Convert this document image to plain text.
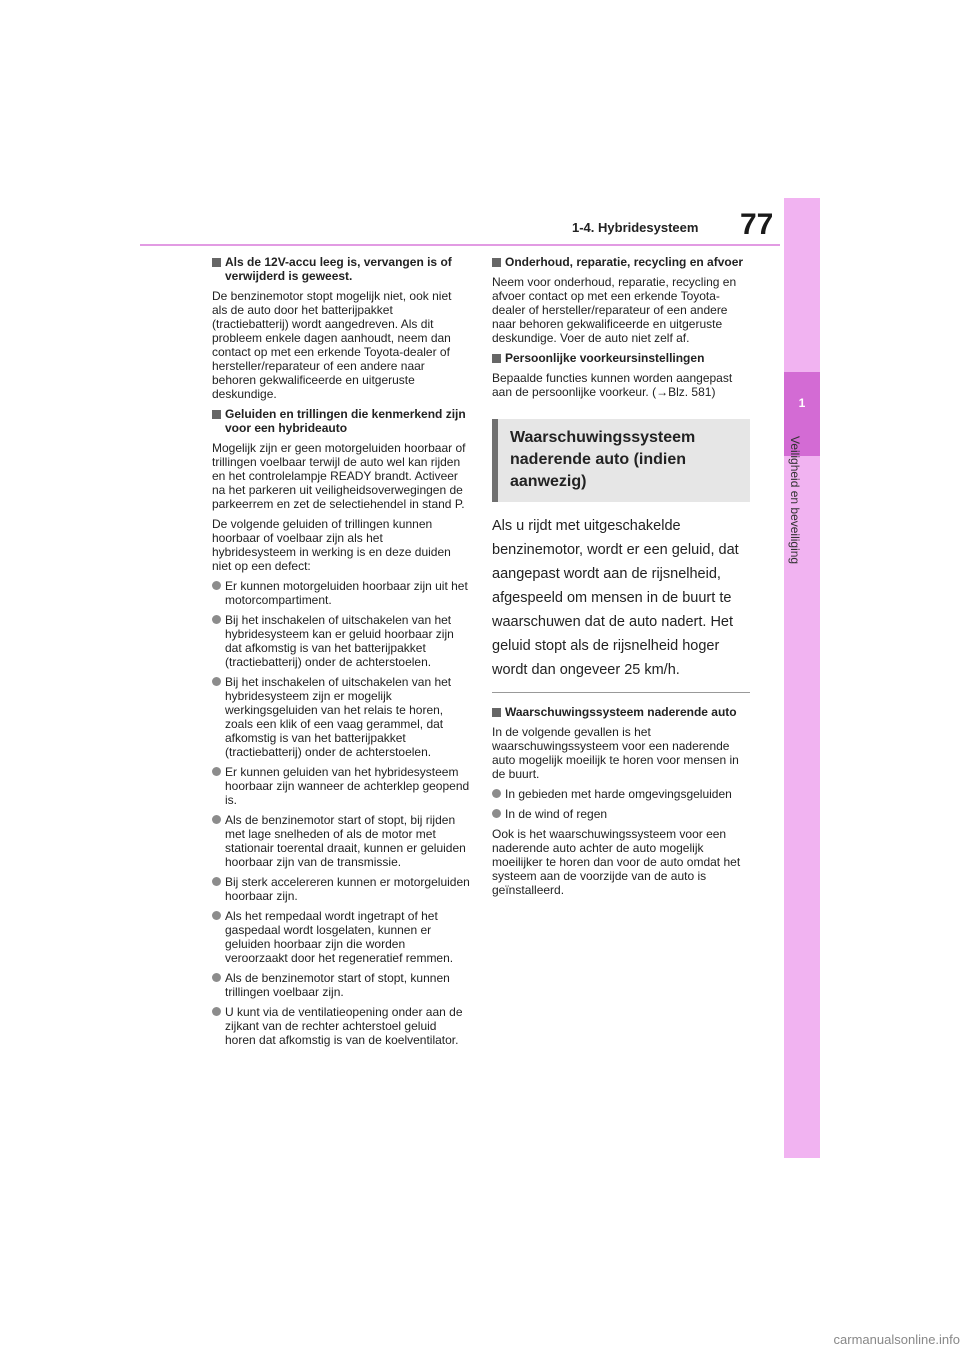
1-4. Hybridesysteem 77
1
Veiligheid en beveiliging
Als de 12V-accu leeg is, vervangen is of verwijderd is geweest.
De benzinemotor stopt mogelijk niet, ook niet als de auto door het batterijpakket (tractiebatterij) wordt aangedreven. Als dit probleem enkele dagen aanhoudt, neem dan contact op met een erkende Toyota-dealer of hersteller/reparateur of een andere naar behoren gekwalificeerde en uitgeruste deskundige.
Geluiden en trillingen die kenmerkend zijn voor een hybrideauto
Mogelijk zijn er geen motorgeluiden hoorbaar of trillingen voelbaar terwijl de auto wel kan rijden en het controlelampje READY brandt. Activeer na het parkeren uit veiligheidsoverwegingen de parkeerrem en zet de selectiehendel in stand P.
De volgende geluiden of trillingen kunnen hoorbaar of voelbaar zijn als het hybridesysteem in werking is en deze duiden niet op een defect:
Er kunnen motorgeluiden hoorbaar zijn uit het motorcompartiment.
Bij het inschakelen of uitschakelen van het hybridesysteem kan er geluid hoorbaar zijn dat afkomstig is van het batterijpakket (tractiebatterij) onder de achterstoelen.
Bij het inschakelen of uitschakelen van het hybridesysteem zijn er mogelijk werkingsgeluiden van het relais te horen, zoals een klik of een vaag gerammel, dat afkomstig is van het batterijpakket (tractiebatterij) onder de achterstoelen.
Er kunnen geluiden van het hybridesysteem hoorbaar zijn wanneer de achterklep geopend is.
Als de benzinemotor start of stopt, bij rijden met lage snelheden of als de motor met stationair toerental draait, kunnen er geluiden hoorbaar zijn van de transmissie.
Bij sterk accelereren kunnen er motorgeluiden hoorbaar zijn.
Als het rempedaal wordt ingetrapt of het gaspedaal wordt losgelaten, kunnen er geluiden hoorbaar zijn die worden veroorzaakt door het regeneratief remmen.
Als de benzinemotor start of stopt, kunnen trillingen voelbaar zijn.
U kunt via de ventilatieopening onder aan de zijkant van de rechter achterstoel geluid horen dat afkomstig is van de koelventilator.
Onderhoud, reparatie, recycling en afvoer
Neem voor onderhoud, reparatie, recycling en afvoer contact op met een erkende Toyota-dealer of hersteller/reparateur of een andere naar behoren gekwalificeerde en uitgeruste deskundige. Voer de auto niet zelf af.
Persoonlijke voorkeursinstellingen
Bepaalde functies kunnen worden aangepast aan de persoonlijke voorkeur. (→Blz. 581)
Waarschuwingssysteem naderende auto (indien aanwezig)
Als u rijdt met uitgeschakelde benzinemotor, wordt er een geluid, dat aangepast wordt aan de rijsnelheid, afgespeeld om mensen in de buurt te waarschuwen dat de auto nadert. Het geluid stopt als de rijsnelheid hoger wordt dan ongeveer 25 km/h.
Waarschuwingssysteem naderende auto
In de volgende gevallen is het waarschuwingssysteem voor een naderende auto mogelijk moeilijk te horen voor mensen in de buurt.
In gebieden met harde omgevingsgeluiden
In de wind of regen
Ook is het waarschuwingssysteem voor een naderende auto achter de auto mogelijk moeilijker te horen dan voor de auto omdat het systeem aan de voorzijde van de auto is geïnstalleerd.
carmanualsonline.info
